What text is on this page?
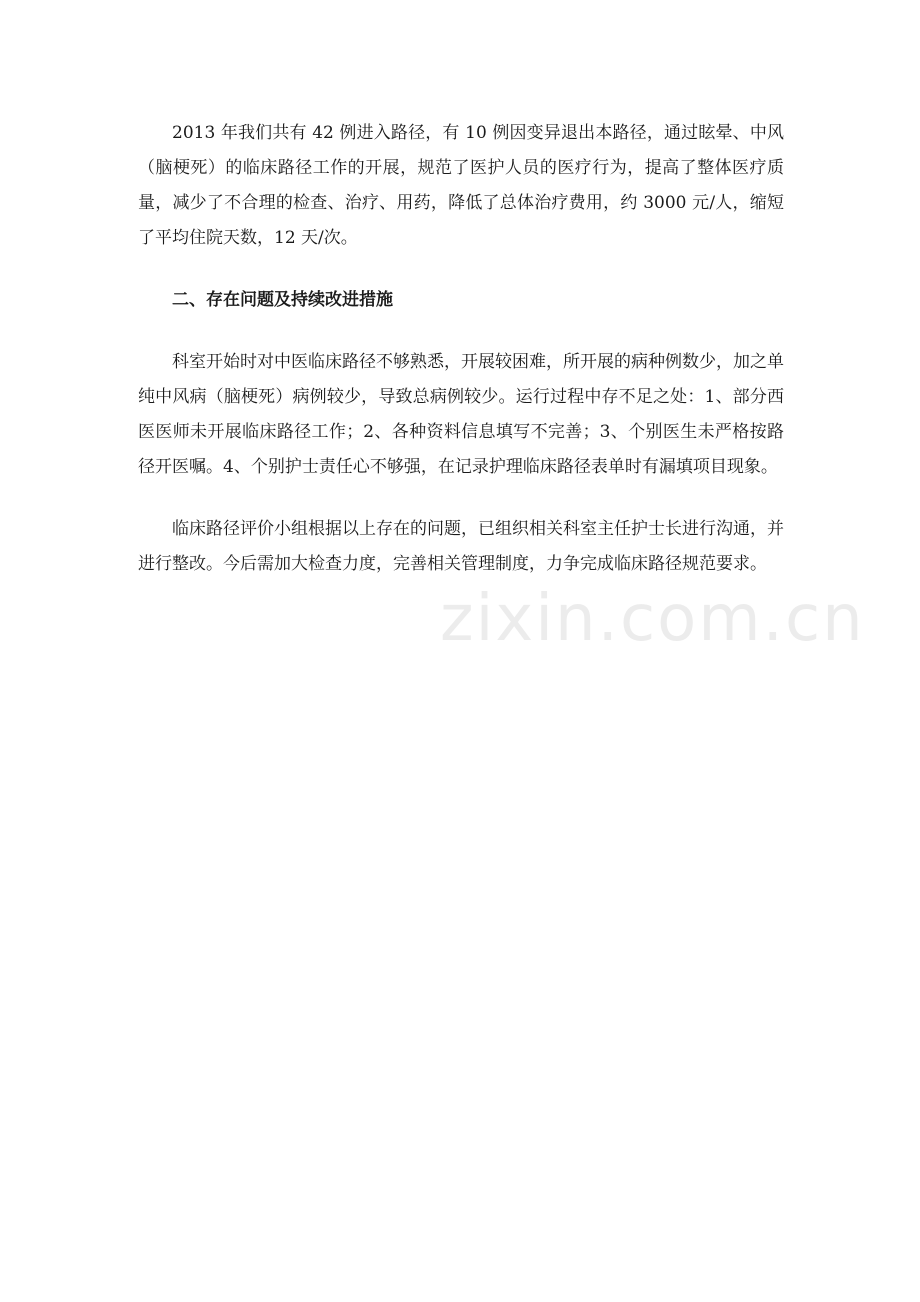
2013 年我们共有 42 例进入路径，有 10 例因变异退出本路径，通过眩晕、中风（脑梗死）的临床路径工作的开展，规范了医护人员的医疗行为，提高了整体医疗质量，减少了不合理的检查、治疗、用药，降低了总体治疗费用，约 3000 元/人，缩短了平均住院天数，12 天/次。

二、存在问题及持续改进措施

科室开始时对中医临床路径不够熟悉，开展较困难，所开展的病种例数少，加之单纯中风病（脑梗死）病例较少，导致总病例较少。运行过程中存不足之处：1、部分西医医师未开展临床路径工作；2、各种资料信息填写不完善；3、个别医生未严格按路径开医嘱。4、个别护士责任心不够强，在记录护理临床路径表单时有漏填项目现象。

临床路径评价小组根据以上存在的问题，已组织相关科室主任护士长进行沟通，并进行整改。今后需加大检查力度，完善相关管理制度，力争完成临床路径规范要求。

zixin.com.cn
